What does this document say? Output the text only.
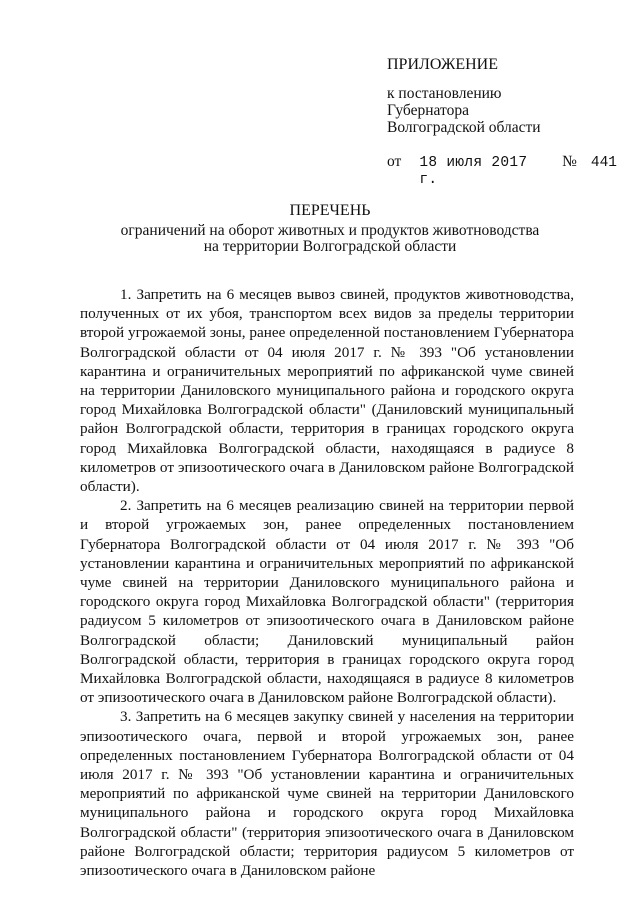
ПРИЛОЖЕНИЕ
к постановлению
Губернатора
Волгоградской области
от 18 июля 2017 г.
№ 441
ПЕРЕЧЕНЬ
ограничений на оборот животных и продуктов животноводства
на территории Волгоградской области

1. Запретить на 6 месяцев вывоз свиней, продуктов животноводства, полученных от их убоя, транспортом всех видов за пределы территории второй угрожаемой зоны, ранее определенной постановлением Губернатора Волгоградской области от 04 июля 2017 г. № 393 "Об установлении карантина и ограничительных мероприятий по африканской чуме свиней на территории Даниловского муниципального района и городского округа город Михайловка Волгоградской области" (Даниловский муниципальный район Волгоградской области, территория в границах городского округа город Михайловка Волгоградской области, находящаяся в радиусе 8 километров от эпизоотического очага в Даниловском районе Волгоградской области).

2. Запретить на 6 месяцев реализацию свиней на территории первой и второй угрожаемых зон, ранее определенных постановлением Губернатора Волгоградской области от 04 июля 2017 г. № 393 "Об установлении карантина и ограничительных мероприятий по африканской чуме свиней на территории Даниловского муниципального района и городского округа город Михайловка Волгоградской области" (территория радиусом 5 километров от эпизоотического очага в Даниловском районе Волгоградской области; Даниловский муниципальный район Волгоградской области, территория в границах городского округа город Михайловка Волгоградской области, находящаяся в радиусе 8 километров от эпизоотического очага в Даниловском районе Волгоградской области).

3. Запретить на 6 месяцев закупку свиней у населения на территории эпизоотического очага, первой и второй угрожаемых зон, ранее определенных постановлением Губернатора Волгоградской области от 04 июля 2017 г. № 393 "Об установлении карантина и ограничительных мероприятий по африканской чуме свиней на территории Даниловского муниципального района и городского округа город Михайловка Волгоградской области" (территория эпизоотического очага в Даниловском районе Волгоградской области; территория радиусом 5 километров от эпизоотического очага в Даниловском районе
